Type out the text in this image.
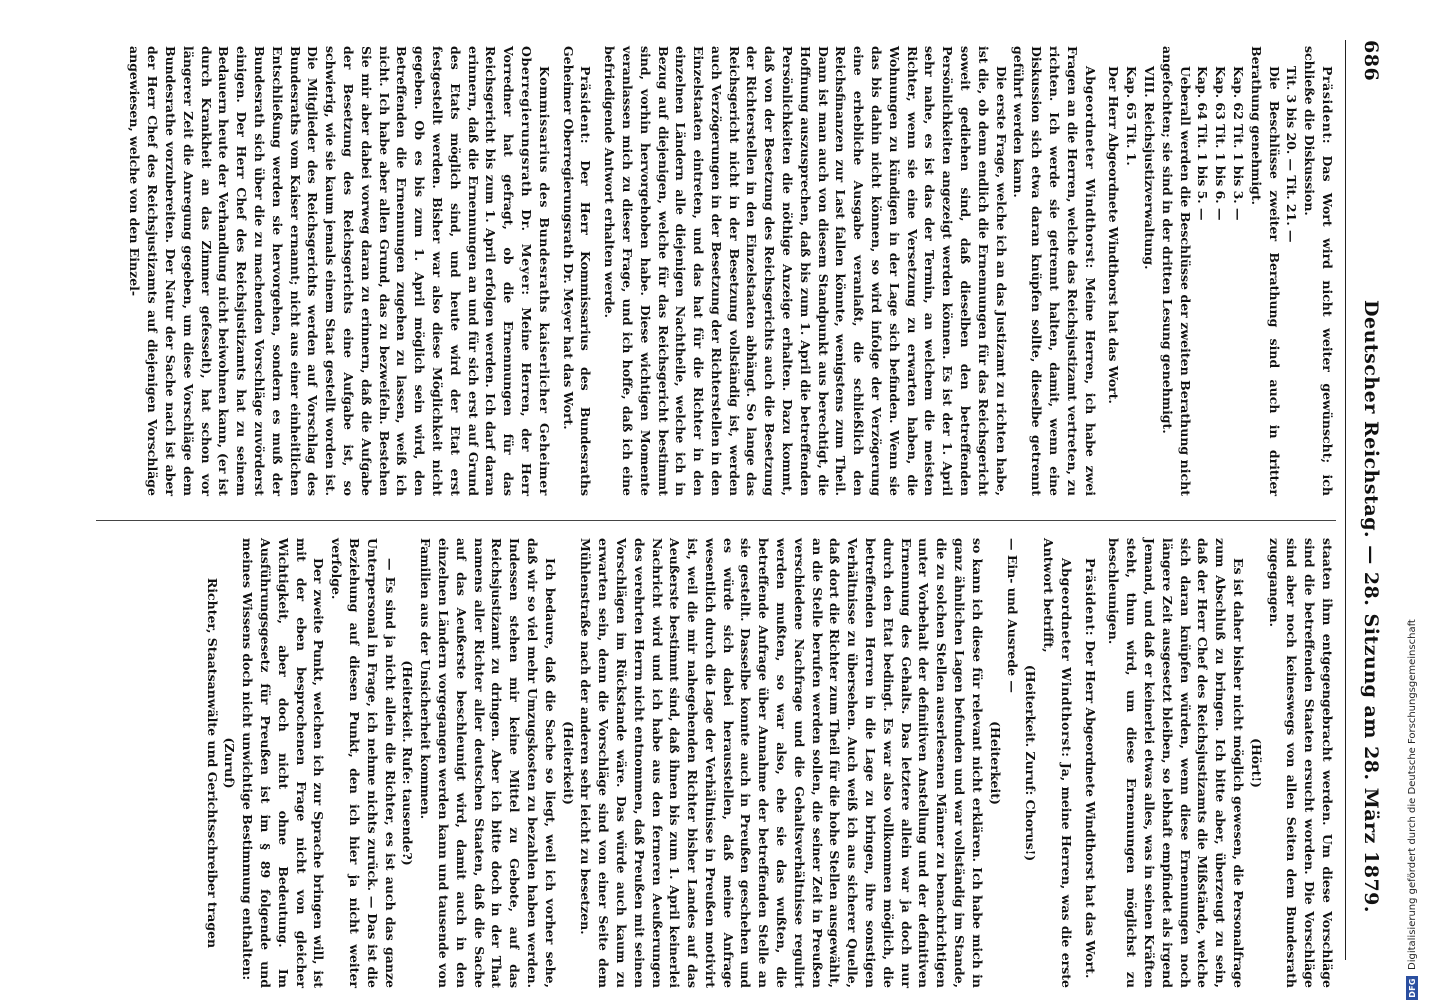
686
Deutscher Reichstag. — 28. Sitzung am 28. März 1879.

Präsident: Das Wort wird nicht weiter gewünscht; ich schließe die Diskussion.

Tit. 3 bis 20. — Tit. 21. —

Die Beschlüsse zweiter Berathung sind auch in dritter Berathung genehmigt.

Kap. 62 Tit. 1 bis 3. —

Kap. 63 Tit. 1 bis 6. —

Kap. 64 Tit. 1 bis 5. —

Ueberall werden die Beschlüsse der zweiten Berathung nicht angefochten; sie sind in der dritten Lesung genehmigt.

VIII. Reichsjustizverwaltung.

Kap. 65 Tit. 1.

Der Herr Abgeordnete Windthorst hat das Wort.

Abgeordneter Windthorst: Meine Herren, ich habe zwei Fragen an die Herren, welche das Reichsjustizamt vertreten, zu richten. Ich werde sie getrennt halten, damit, wenn eine Diskussion sich etwa daran knüpfen sollte, dieselbe getrennt geführt werden kann.

Die erste Frage, welche ich an das Justizamt zu richten habe, ist die, ob denn endlich die Ernennungen für das Reichsgericht soweit gediehen sind, daß dieselben den betreffenden Persönlichkeiten angezeigt werden können. Es ist der 1. April sehr nahe, es ist das der Termin, an welchem die meisten Richter, wenn sie eine Versetzung zu erwarten haben, die Wohnungen zu kündigen in der Lage sich befinden. Wenn sie das bis dahin nicht können, so wird infolge der Verzögerung eine erhebliche Ausgabe veranlaßt, die schließlich den Reichsfinanzen zur Last fallen könnte, wenigstens zum Theil. Dann ist man auch von diesem Standpunkt aus berechtigt, die Hoffnung auszusprechen, daß bis zum 1. April die betreffenden Persönlichkeiten die nöthige Anzeige erhalten. Dazu kommt, daß von der Besetzung des Reichsgerichts auch die Besetzung der Richterstellen in den Einzelstaaten abhängt. So lange das Reichsgericht nicht in der Besetzung vollständig ist, werden auch Verzögerungen in der Besetzung der Richterstellen in den Einzelstaaten eintreten, und das hat für die Richter in den einzelnen Ländern alle diejenigen Nachtheile, welche ich in Bezug auf diejenigen, welche für das Reichsgericht bestimmt sind, vorhin hervorgehoben habe. Diese wichtigen Momente veranlassen mich zu dieser Frage, und ich hoffe, daß ich eine befriedigende Antwort erhalten werde.

Präsident: Der Herr Kommissarius des Bundesraths Geheimer Oberregierungsrath Dr. Meyer hat das Wort.

Kommissarius des Bundesraths kaiserlicher Geheimer Oberregierungsrath Dr. Meyer: Meine Herren, der Herr Vorredner hat gefragt, ob die Ernennungen für das Reichsgericht bis zum 1. April erfolgen werden. Ich darf daran erinnern, daß die Ernennungen an und für sich erst auf Grund des Etats möglich sind, und heute wird der Etat erst festgestellt werden. Bisher war also diese Möglichkeit nicht gegeben. Ob es bis zum 1. April möglich sein wird, den Betreffenden die Ernennungen zugehen zu lassen, weiß ich nicht. Ich habe aber allen Grund, das zu bezweifeln. Bestehen Sie mir aber dabei vorweg daran zu erinnern, daß die Aufgabe der Besetzung des Reichsgerichts eine Aufgabe ist, so schwierig, wie sie kaum jemals einem Staat gestellt worden ist. Die Mitglieder des Reichsgerichts werden auf Vorschlag des Bundesraths vom Kaiser ernannt; nicht aus einer einheitlichen Entschließung werden sie hervorgehen, sondern es muß der Bundesrath sich über die zu machenden Vorschläge zuvörderst einigen. Der Herr Chef des Reichsjustizamts hat zu seinem Bedauern heute der Verhandlung nicht beiwohnen kann, (er ist durch Krankheit an das Zimmer gefesselt), hat schon vor längerer Zeit die Anregung gegeben, um diese Vorschläge dem Bundesrathe vorzubereiten. Der Natur der Sache nach ist aber der Herr Chef des Reichsjustizamts auf diejenigen Vorschläge angewiesen, welche von den Einzel-

staaten ihm entgegengebracht werden. Um diese Vorschläge sind die betreffenden Staaten ersucht worden. Die Vorschläge sind aber noch keineswegs von allen Seiten dem Bundesrath zugegangen.

(Hört!)

Es ist daher bisher nicht möglich gewesen, die Personalfrage zum Abschluß zu bringen. Ich bitte aber, überzeugt zu sein, daß der Herr Chef des Reichsjustizamts die Mißstände, welche sich daran knüpfen würden, wenn diese Ernennungen noch längere Zeit ausgesetzt bleiben, so lebhaft empfindet als irgend Jemand, und daß er keinerlei etwas alles, was in seinen Kräften steht, thun wird, um diese Ernennungen möglichst zu beschleunigen.

Präsident: Der Herr Abgeordnete Windthorst hat das Wort.

Abgeordneter Windthorst: Ja, meine Herren, was die erste Antwort betrifft,

(Heiterkeit. Zuruf: Chorus!)

— Ein- und Ausrede —

(Heiterkeit)

so kann ich diese für relevant nicht erklären. Ich habe mich in ganz ähnlichen Lagen befunden und war vollständig im Stande, die zu solchen Stellen auserlesenen Männer zu benachrichtigen unter Vorbehalt der definitiven Anstellung und der definitiven Ernennung des Gehalts. Das letztere allein war ja doch nur durch den Etat bedingt. Es war also vollkommen möglich, die betreffenden Herren in die Lage zu bringen, ihre sonstigen Verhältnisse zu übersehen. Auch weiß ich aus sicherer Quelle, daß dort die Richter zum Theil für die hohe Stellen ausgewählt, an die Stelle berufen werden sollen, die seiner Zeit in Preußen verschiedene Nachfrage und die Gehaltsverhältnisse regulirt werden mußten, so war also, ehe sie das wußten, die betreffende Anfrage über Annahme der betreffenden Stelle an sie gestellt. Dasselbe konnte auch in Preußen geschehen und es würde sich dabei herausstellen, daß meine Anfrage wesentlich durch die Lage der Verhältnisse in Preußen motivirt ist, weil die mir nahegehenden Richter bisher Landes auf das Aeußerste bestimmt sind, daß ihnen bis zum 1. April keinerlei Nachricht wird und ich habe aus den ferneren Aeußerungen des verehrten Herrn nicht entnommen, daß Preußen mit seinen Vorschlägen im Rückstande wäre. Das würde auch kaum zu erwarten sein, denn die Vorschläge sind von einer Seite dem Mühlenstraße nach der anderen sehr leicht zu besetzen.

(Heiterkeit)

Ich bedaure, daß die Sache so liegt, weil ich vorher sehe, daß wir so viel mehr Umzugskosten zu bezahlen haben werden. Indessen stehen mir keine Mittel zu Gebote, auf das Reichsjustizamt zu dringen. Aber ich bitte doch in der That namens aller Richter aller deutschen Staaten, daß die Sache auf das Aeußerste beschleunigt wird, damit auch in den einzelnen Ländern vorgegangen werden kann und tausende von Familien aus der Unsicherheit kommen.

(Heiterkeit. Rufe: tausende?)

— Es sind ja nicht allein die Richter, es ist auch das ganze Unterpersonal in Frage, ich nehme nichts zurück. — Das ist die Beziehung auf diesen Punkt, den ich hier ja nicht weiter verfolge.

Der zweite Punkt, welchen ich zur Sprache bringen will, ist mit der eben besprochenen Frage nicht von gleicher Wichtigkeit, aber doch nicht ohne Bedeutung. Im Ausführungsgesetz für Preußen ist im § 89 folgende und meines Wissens doch nicht unwichtige Bestimmung enthalten:

(Zuruf)

Richter, Staatsanwälte und Gerichtsschreiber tragen

DFG
Digitalisierung gefördert durch die Deutsche Forschungsgemeinschaft
